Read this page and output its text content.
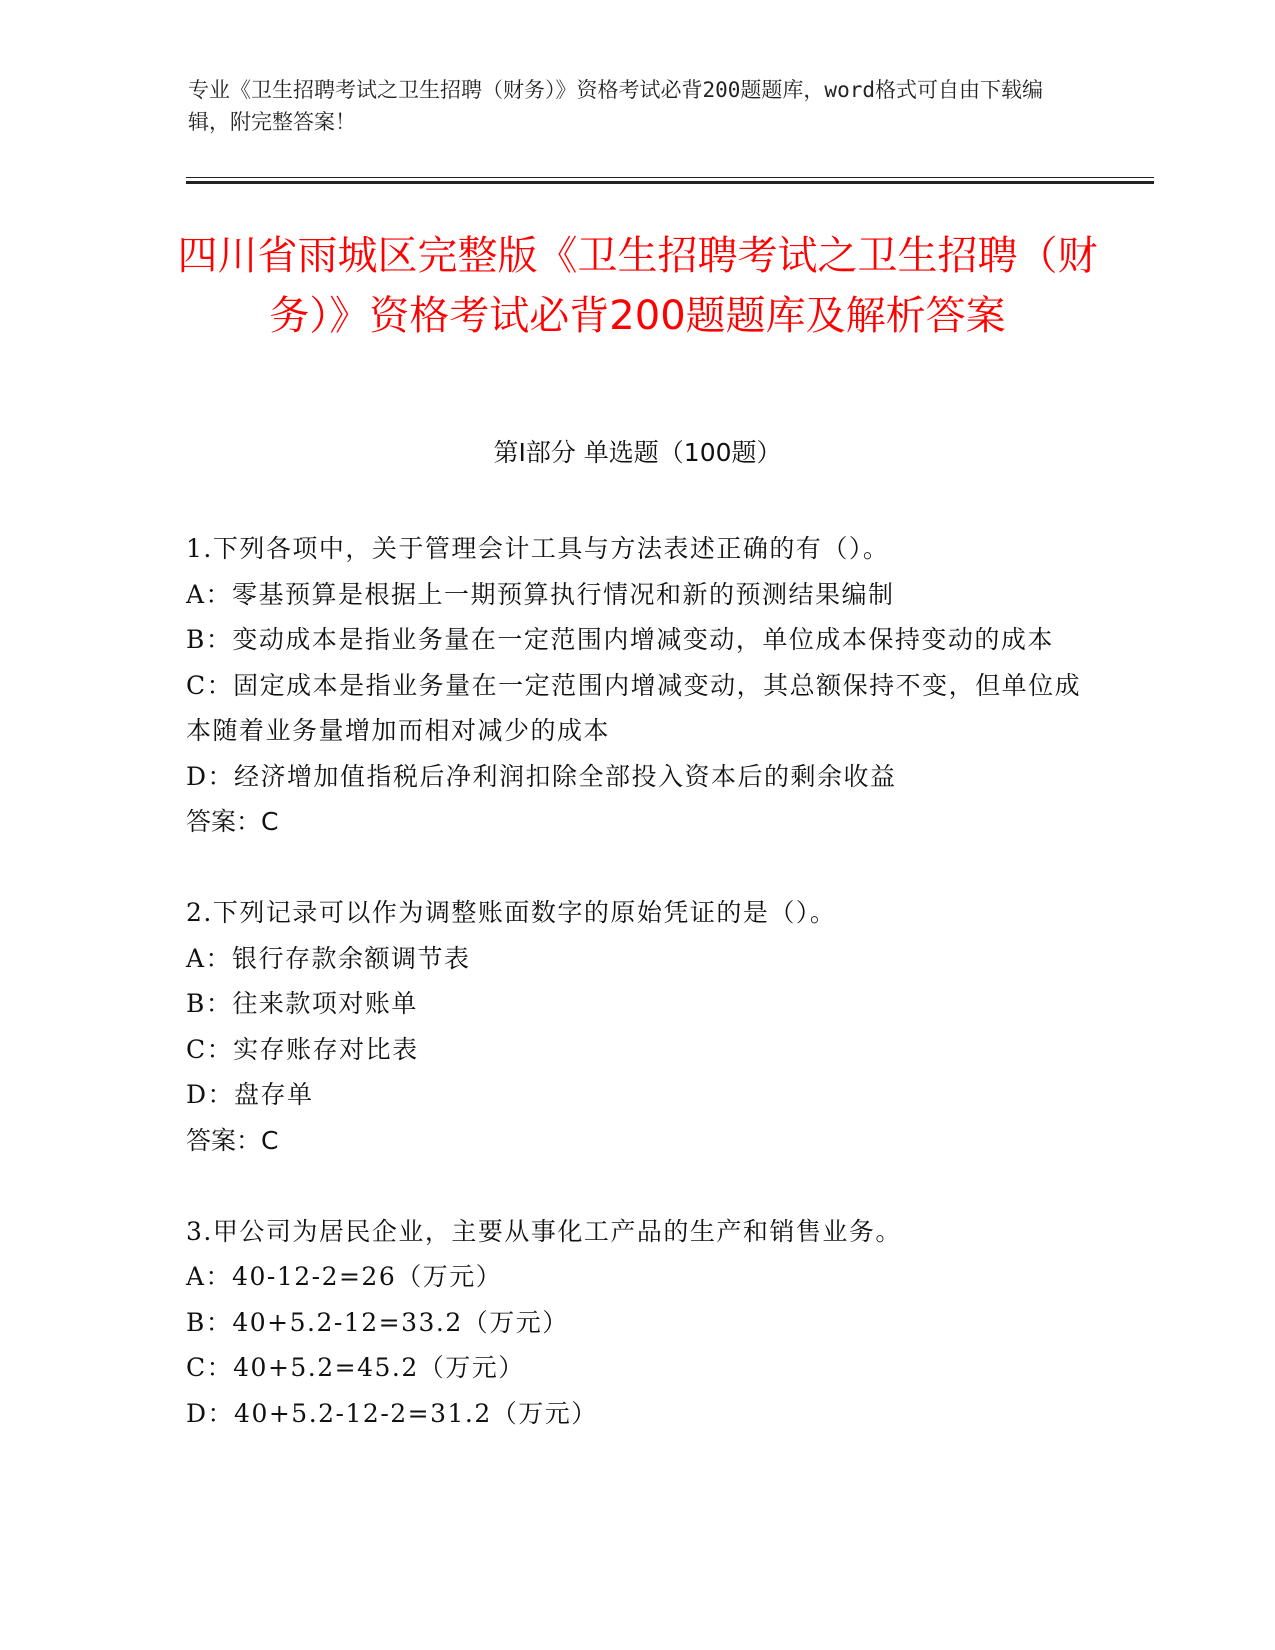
专业《卫生招聘考试之卫生招聘（财务）》资格考试必背200题题库，word格式可自由下载编辑，附完整答案！
四川省雨城区完整版《卫生招聘考试之卫生招聘（财务）》资格考试必背200题题库及解析答案
第Ⅰ部分 单选题（100题）
1.下列各项中，关于管理会计工具与方法表述正确的有（）。
A：零基预算是根据上一期预算执行情况和新的预测结果编制
B：变动成本是指业务量在一定范围内增减变动，单位成本保持变动的成本
C：固定成本是指业务量在一定范围内增减变动，其总额保持不变，但单位成本随着业务量增加而相对减少的成本
D：经济增加值指税后净利润扣除全部投入资本后的剩余收益
答案：C
2.下列记录可以作为调整账面数字的原始凭证的是（）。
A：银行存款余额调节表
B：往来款项对账单
C：实存账存对比表
D：盘存单
答案：C
3.甲公司为居民企业，主要从事化工产品的生产和销售业务。
A：40-12-2=26（万元）
B：40+5.2-12=33.2（万元）
C：40+5.2=45.2（万元）
D：40+5.2-12-2=31.2（万元）
